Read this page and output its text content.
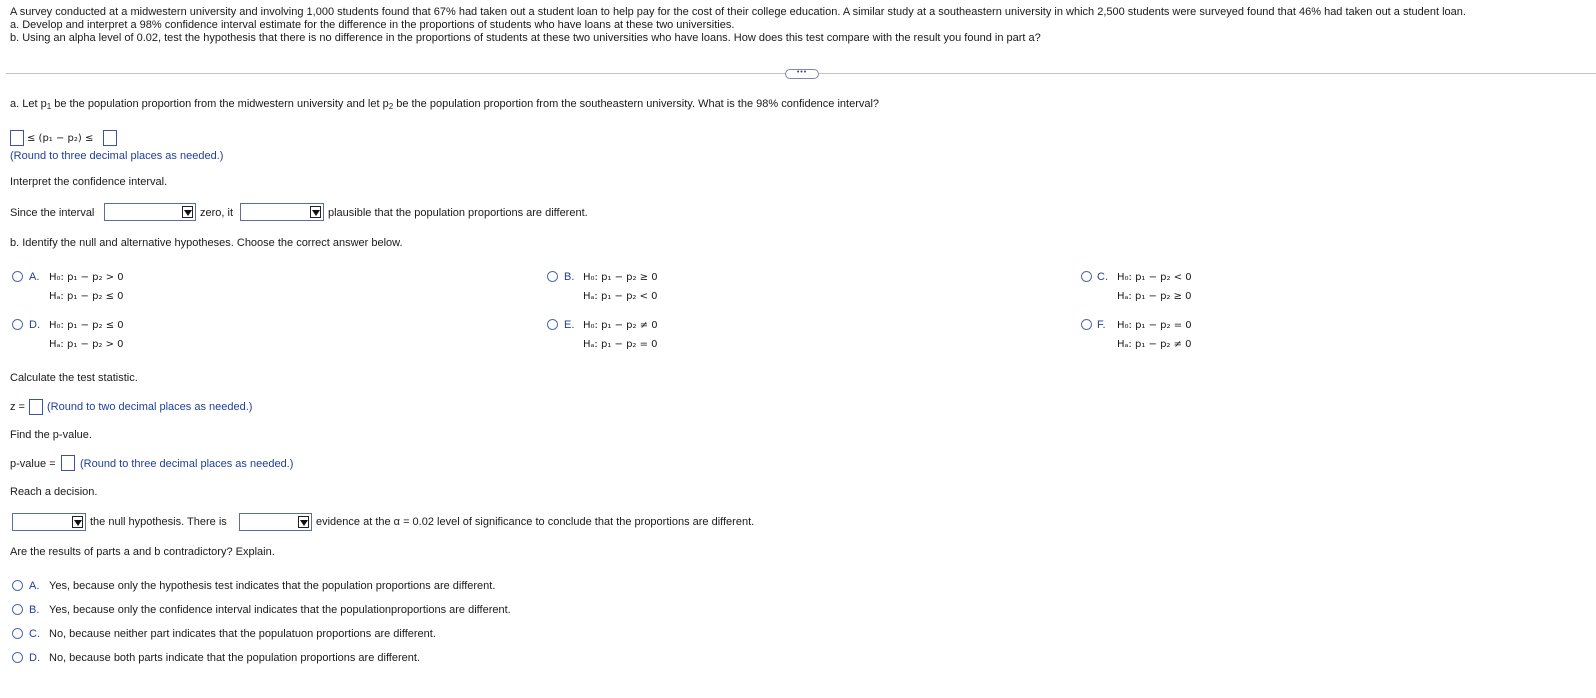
A survey conducted at a midwestern university and involving 1,000 students found that 67% had taken out a student loan to help pay for the cost of their college education. A similar study at a southeastern university in which 2,500 students were surveyed found that 46% had taken out a student loan.
a. Develop and interpret a 98% confidence interval estimate for the difference in the proportions of students who have loans at these two universities.
b. Using an alpha level of 0.02, test the hypothesis that there is no difference in the proportions of students at these two universities who have loans. How does this test compare with the result you found in part a?
•••
a. Let $p_1$ be the population proportion from the midwestern university and let $p_2$ be the population proportion from the southeastern university. What is the 98% confidence interval?
≤ (p₁ − p₂) ≤
(Round to three decimal places as needed.)
Interpret the confidence interval.
Since the interval	zero, it	plausible that the population proportions are different.
b. Identify the null and alternative hypotheses. Choose the correct answer below.
A. H₀: p₁ − p₂ > 0
Hₐ: p₁ − p₂ ≤ 0
B. H₀: p₁ − p₂ ≥ 0
Hₐ: p₁ − p₂ < 0
C. H₀: p₁ − p₂ < 0
Hₐ: p₁ − p₂ ≥ 0
D. H₀: p₁ − p₂ ≤ 0
Hₐ: p₁ − p₂ > 0
E. H₀: p₁ − p₂ ≠ 0
Hₐ: p₁ − p₂ = 0
F. H₀: p₁ − p₂ = 0
Hₐ: p₁ − p₂ ≠ 0
Calculate the test statistic.
z = (Round to two decimal places as needed.)
Find the p-value.
p-value = (Round to three decimal places as needed.)
Reach a decision.
the null hypothesis. There is	evidence at the α = 0.02 level of significance to conclude that the proportions are different.
Are the results of parts a and b contradictory? Explain.
A. Yes, because only the hypothesis test indicates that the population proportions are different.
B. Yes, because only the confidence interval indicates that the populationproportions are different.
C. No, because neither part indicates that the populatuon proportions are different.
D. No, because both parts indicate that the population proportions are different.
